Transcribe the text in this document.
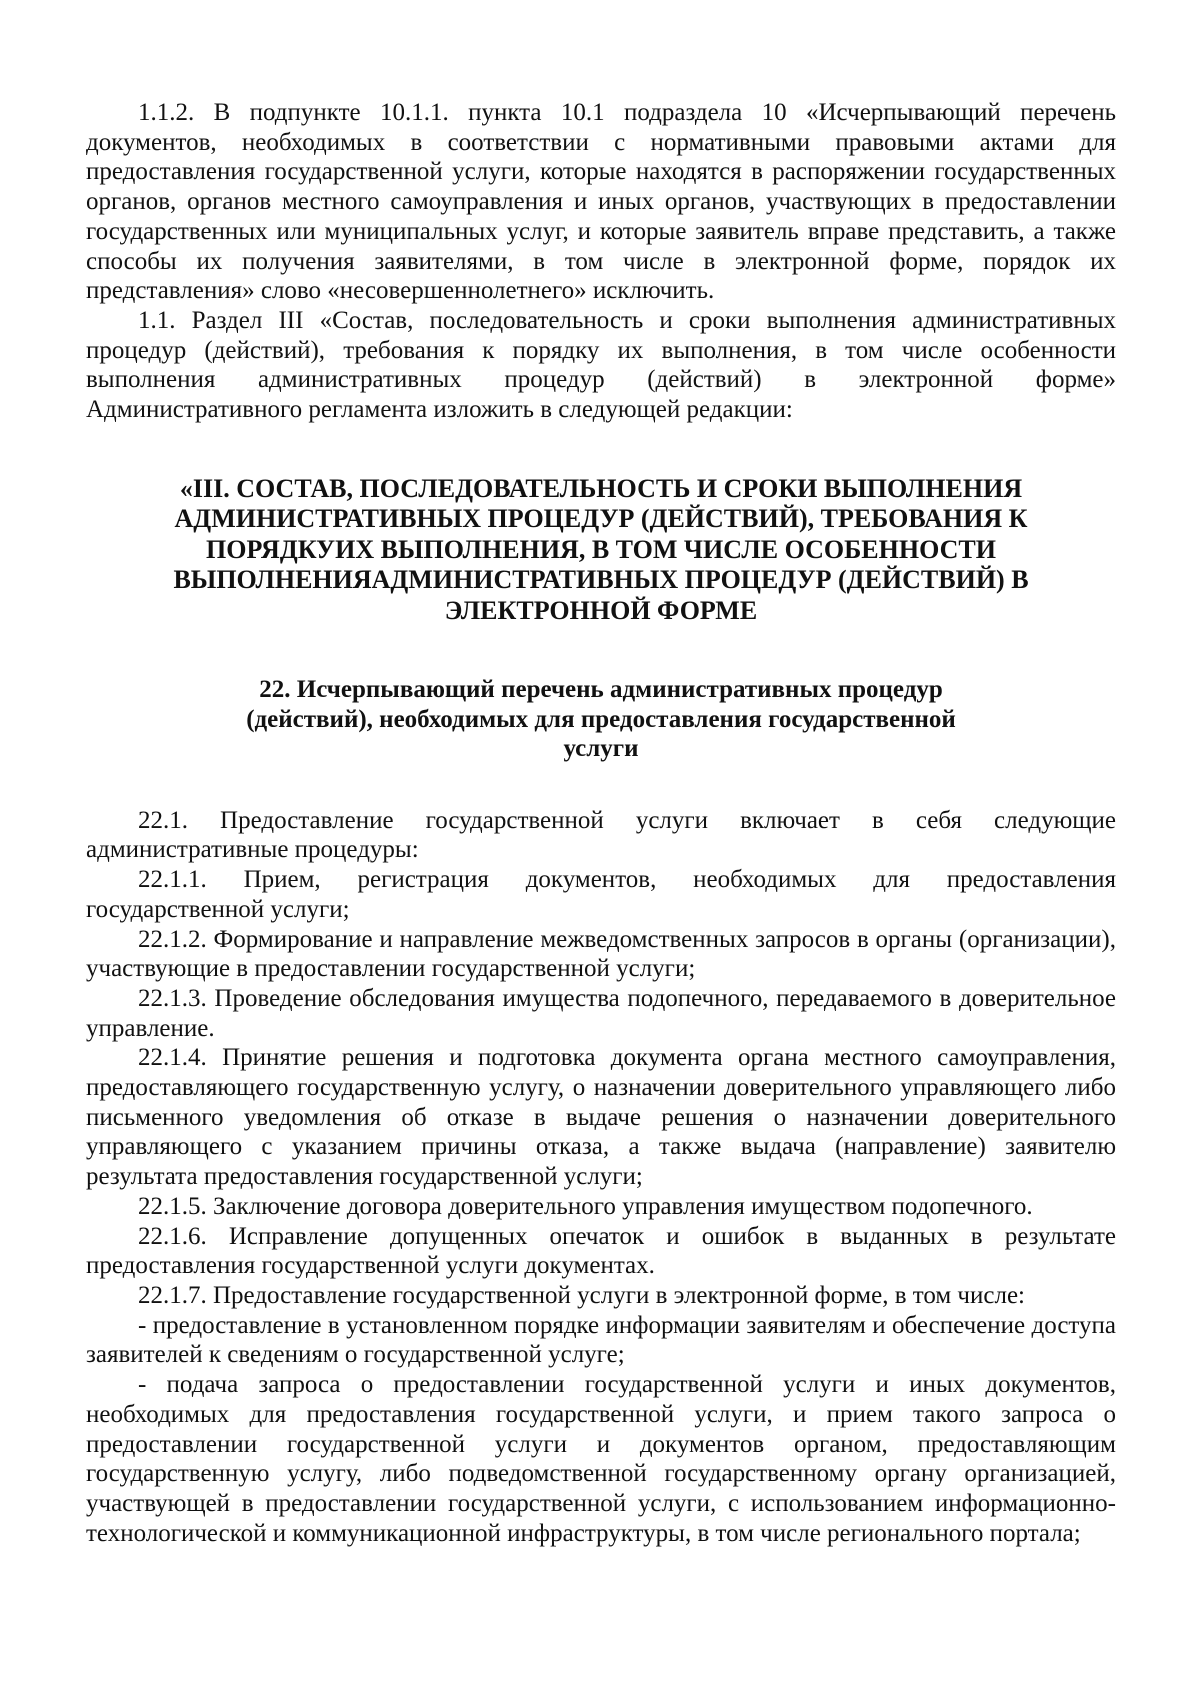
1.1.2. В подпункте 10.1.1. пункта 10.1 подраздела 10 «Исчерпывающий перечень документов, необходимых в соответствии с нормативными правовыми актами для предоставления государственной услуги, которые находятся в распоряжении государственных органов, органов местного самоуправления и иных органов, участвующих в предоставлении государственных или муниципальных услуг, и которые заявитель вправе представить, а также способы их получения заявителями, в том числе в электронной форме, порядок их представления» слово «несовершеннолетнего» исключить.

1.1. Раздел III «Состав, последовательность и сроки выполнения административных процедур (действий), требования к порядку их выполнения, в том числе особенности выполнения административных процедур (действий) в электронной форме» Административного регламента изложить в следующей редакции:

«III. СОСТАВ, ПОСЛЕДОВАТЕЛЬНОСТЬ И СРОКИ ВЫПОЛНЕНИЯ АДМИНИСТРАТИВНЫХ ПРОЦЕДУР (ДЕЙСТВИЙ), ТРЕБОВАНИЯ К ПОРЯДКУИХ ВЫПОЛНЕНИЯ, В ТОМ ЧИСЛЕ ОСОБЕННОСТИ ВЫПОЛНЕНИЯАДМИНИСТРАТИВНЫХ ПРОЦЕДУР (ДЕЙСТВИЙ) В ЭЛЕКТРОННОЙ ФОРМЕ
22. Исчерпывающий перечень административных процедур (действий), необходимых для предоставления государственной услуги

22.1. Предоставление государственной услуги включает в себя следующие административные процедуры:

22.1.1. Прием, регистрация документов, необходимых для предоставления государственной услуги;

22.1.2. Формирование и направление межведомственных запросов в органы (организации), участвующие в предоставлении государственной услуги;

22.1.3. Проведение обследования имущества подопечного, передаваемого в доверительное управление.

22.1.4. Принятие решения и подготовка документа органа местного самоуправления, предоставляющего государственную услугу, о назначении доверительного управляющего либо письменного уведомления об отказе в выдаче решения о назначении доверительного управляющего с указанием причины отказа, а также выдача (направление) заявителю результата предоставления государственной услуги;

22.1.5. Заключение договора доверительного управления имуществом подопечного.

22.1.6. Исправление допущенных опечаток и ошибок в выданных в результате предоставления государственной услуги документах.

22.1.7. Предоставление государственной услуги в электронной форме, в том числе:

- предоставление в установленном порядке информации заявителям и обеспечение доступа заявителей к сведениям о государственной услуге;

- подача запроса о предоставлении государственной услуги и иных документов, необходимых для предоставления государственной услуги, и прием такого запроса о предоставлении государственной услуги и документов органом, предоставляющим государственную услугу, либо подведомственной государственному органу организацией, участвующей в предоставлении государственной услуги, с использованием информационно-технологической и коммуникационной инфраструктуры, в том числе регионального портала;
